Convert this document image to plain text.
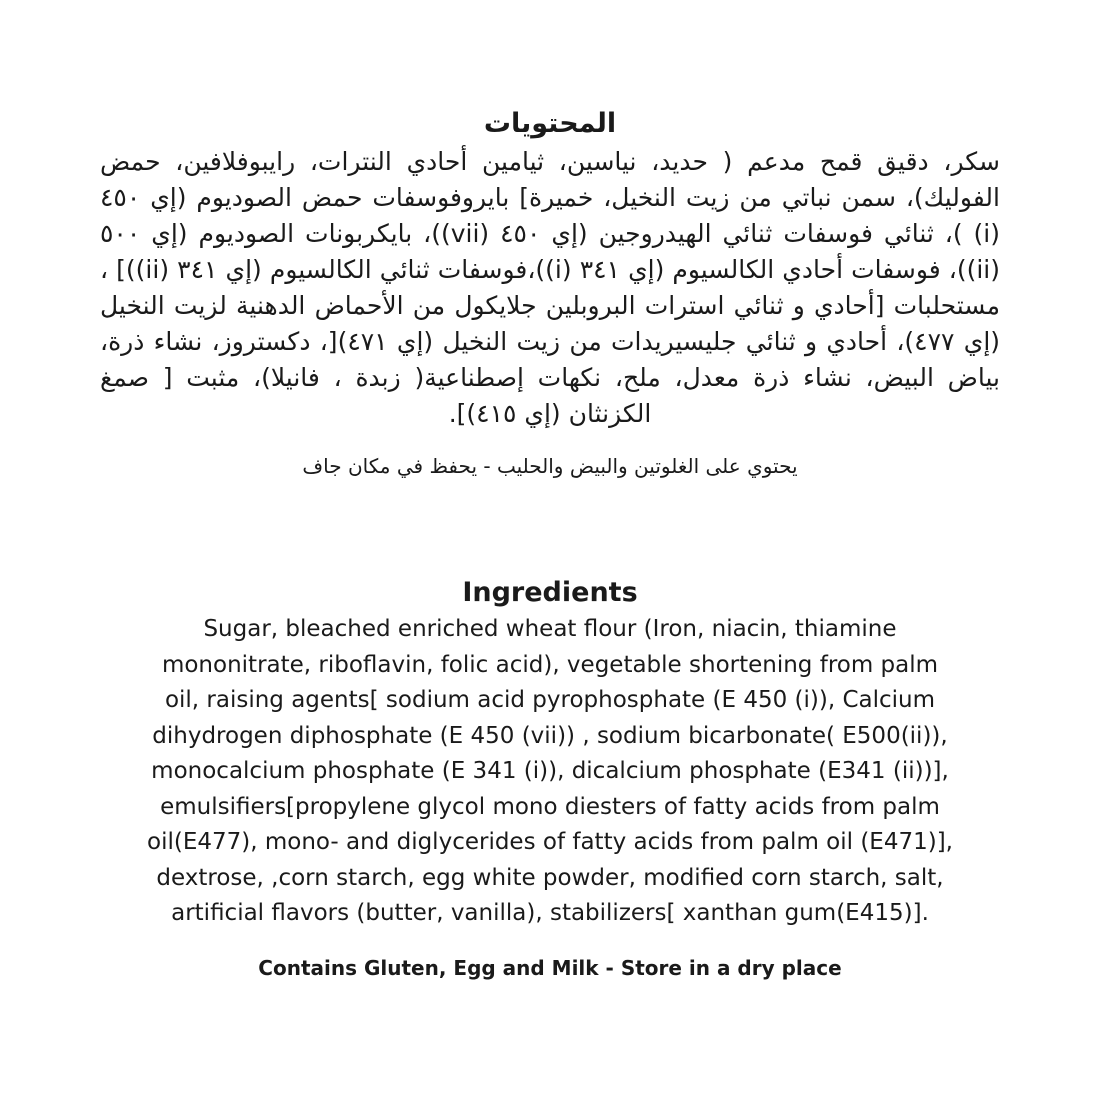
المحتويات

سكر، دقيق قمح مدعم ( حديد، نياسين، ثيامين أحادي النترات، رايبوفلافين، حمض الفوليك)، سمن نباتي من زيت النخيل، خميرة] بايروفوسفات حمض الصوديوم (إي ٤٥٠ (i) )، ثنائي فوسفات ثنائي الهيدروجين (إي ٤٥٠ (vii))، بايكربونات الصوديوم (إي ٥٠٠ (ii))، فوسفات أحادي الكالسيوم (إي ٣٤١ (i))،فوسفات ثنائي الكالسيوم (إي ٣٤١ (ii))] ، مستحلبات [أحادي و ثنائي استرات البروبلين جلايكول من الأحماض الدهنية لزيت النخيل (إي ٤٧٧)، أحادي و ثنائي جليسيريدات من زيت النخيل (إي ٤٧١)[، دكستروز، نشاء ذرة، بياض البيض، نشاء ذرة معدل، ملح، نكهات إصطناعية( زبدة ، فانيلا)، مثبت [ صمغ الكزنثان (إي ٤١٥)].

يحتوي على الغلوتين والبيض والحليب - يحفظ في مكان جاف

Ingredients

Sugar, bleached enriched wheat flour (Iron, niacin, thiamine
mononitrate, riboflavin, folic acid), vegetable shortening from palm
oil, raising agents[ sodium acid pyrophosphate (E 450 (i)), Calcium
dihydrogen diphosphate (E 450 (vii)) , sodium bicarbonate( E500(ii)),
monocalcium phosphate (E 341 (i)), dicalcium phosphate (E341 (ii))],
emulsifiers[propylene glycol mono diesters of fatty acids from palm
oil(E477), mono- and diglycerides of fatty acids from palm oil (E471)],
dextrose, ,corn starch, egg white powder, modified corn starch, salt,
artificial flavors (butter, vanilla), stabilizers[ xanthan gum(E415)].

Contains Gluten, Egg and Milk - Store in a dry place
